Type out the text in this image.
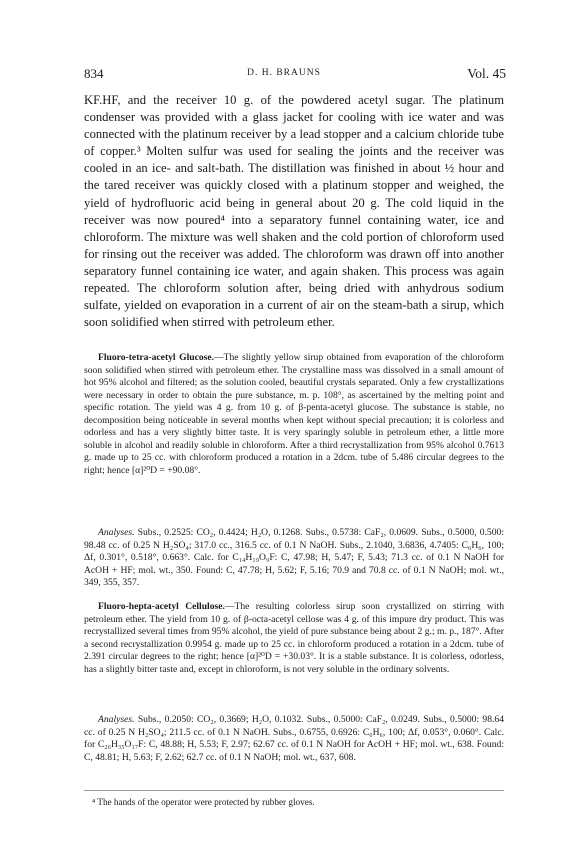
834	D. H. BRAUNS	Vol. 45

KF.HF, and the receiver 10 g. of the powdered acetyl sugar. The platinum condenser was provided with a glass jacket for cooling with ice water and was connected with the platinum receiver by a lead stopper and a calcium chloride tube of copper.³ Molten sulfur was used for sealing the joints and the receiver was cooled in an ice- and salt-bath. The distillation was finished in about ½ hour and the tared receiver was quickly closed with a platinum stopper and weighed, the yield of hydrofluoric acid being in general about 20 g. The cold liquid in the receiver was now poured⁴ into a separatory funnel containing water, ice and chloroform. The mixture was well shaken and the cold portion of chloroform used for rinsing out the receiver was added. The chloroform was drawn off into another separatory funnel containing ice water, and again shaken. This process was again repeated. The chloroform solution after, being dried with anhydrous sodium sulfate, yielded on evaporation in a current of air on the steam-bath a sirup, which soon solidified when stirred with petroleum ether.

Fluoro-tetra-acetyl Glucose.—The slightly yellow sirup obtained from evaporation of the chloroform soon solidified when stirred with petroleum ether. The crystalline mass was dissolved in a small amount of hot 95% alcohol and filtered; as the solution cooled, beautiful crystals separated. Only a few crystallizations were necessary in order to obtain the pure substance, m. p. 108°, as ascertained by the melting point and specific rotation. The yield was 4 g. from 10 g. of β-penta-acetyl glucose. The substance is stable, no decomposition being noticeable in several months when kept without special precaution; it is colorless and odorless and has a very slightly bitter taste. It is very sparingly soluble in petroleum ether, a little more soluble in alcohol and readily soluble in chloroform. After a third recrystallization from 95% alcohol 0.7613 g. made up to 25 cc. with chloroform produced a rotation in a 2dcm. tube of 5.486 circular degrees to the right; hence [α]²⁰D = +90.08°.

Analyses. Subs., 0.2525: CO₂, 0.4424; H₂O, 0.1268. Subs., 0.5738: CaF₂, 0.0609. Subs., 0.5000, 0.500: 98.48 cc. of 0.25 N H₂SO₄; 317.0 cc., 316.5 cc. of 0.1 N NaOH. Subs., 2.1040, 3.6836, 4.7405: C₆H₆, 100; Δf, 0.301°, 0.518°, 0.663°. Calc. for C₁₄H₁₉O₉F: C, 47.98; H, 5.47; F, 5.43; 71.3 cc. of 0.1 N NaOH for AcOH + HF; mol. wt., 350. Found: C, 47.78; H, 5.62; F, 5.16; 70.9 and 70.8 cc. of 0.1 N NaOH; mol. wt., 349, 355, 357.

Fluoro-hepta-acetyl Cellulose.—The resulting colorless sirup soon crystallized on stirring with petroleum ether. The yield from 10 g. of β-octa-acetyl cellose was 4 g. of this impure dry product. This was recrystallized several times from 95% alcohol, the yield of pure substance being about 2 g.; m. p., 187°. After a second recrystallization 0.9954 g. made up to 25 cc. in chloroform produced a rotation in a 2dcm. tube of 2.391 circular degrees to the right; hence [α]²⁰D = +30.03°. It is a stable substance. It is colorless, odorless, has a slightly bitter taste and, except in chloroform, is not very soluble in the ordinary solvents.

Analyses. Subs., 0.2050: CO₂, 0.3669; H₂O, 0.1032. Subs., 0.5000: CaF₂, 0.0249. Subs., 0.5000: 98.64 cc. of 0.25 N H₂SO₄; 211.5 cc. of 0.1 N NaOH. Subs., 0.6755, 0.6926: C₆H₆, 100; Δf, 0.053°, 0.060°. Calc. for C₂₆H₃₅O₁₇F: C, 48.88; H, 5.53; F, 2.97; 62.67 cc. of 0.1 N NaOH for AcOH + HF; mol. wt., 638. Found: C, 48.81; H, 5.63; F, 2.62; 62.7 cc. of 0.1 N NaOH; mol. wt., 637, 608.

⁴ The hands of the operator were protected by rubber gloves.
